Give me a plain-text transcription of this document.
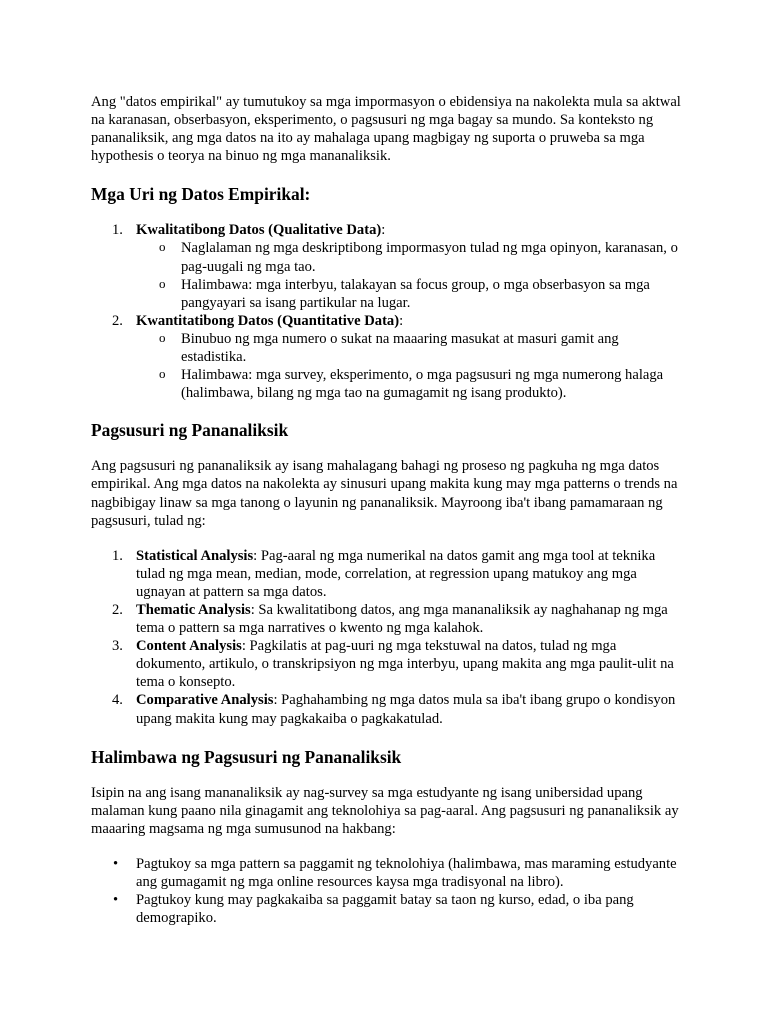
Ang "datos empirikal" ay tumutukoy sa mga impormasyon o ebidensiya na nakolekta mula sa aktwal na karanasan, obserbasyon, eksperimento, o pagsusuri ng mga bagay sa mundo. Sa konteksto ng pananaliksik, ang mga datos na ito ay mahalaga upang magbigay ng suporta o pruweba sa mga hypothesis o teorya na binuo ng mga mananaliksik.

Mga Uri ng Datos Empirikal:
1. Kwalitatibong Datos (Qualitative Data):
o Naglalaman ng mga deskriptibong impormasyon tulad ng mga opinyon, karanasan, o pag-uugali ng mga tao.
o Halimbawa: mga interbyu, talakayan sa focus group, o mga obserbasyon sa mga pangyayari sa isang partikular na lugar.
2. Kwantitatibong Datos (Quantitative Data):
o Binubuo ng mga numero o sukat na maaaring masukat at masuri gamit ang estadistika.
o Halimbawa: mga survey, eksperimento, o mga pagsusuri ng mga numerong halaga (halimbawa, bilang ng mga tao na gumagamit ng isang produkto).
Pagsusuri ng Pananaliksik

Ang pagsusuri ng pananaliksik ay isang mahalagang bahagi ng proseso ng pagkuha ng mga datos empirikal. Ang mga datos na nakolekta ay sinusuri upang makita kung may mga patterns o trends na nagbibigay linaw sa mga tanong o layunin ng pananaliksik. Mayroong iba't ibang pamamaraan ng pagsusuri, tulad ng:

1. Statistical Analysis: Pag-aaral ng mga numerikal na datos gamit ang mga tool at teknika tulad ng mga mean, median, mode, correlation, at regression upang matukoy ang mga ugnayan at pattern sa mga datos.
2. Thematic Analysis: Sa kwalitatibong datos, ang mga mananaliksik ay naghahanap ng mga tema o pattern sa mga narratives o kwento ng mga kalahok.
3. Content Analysis: Pagkilatis at pag-uuri ng mga tekstuwal na datos, tulad ng mga dokumento, artikulo, o transkripsiyon ng mga interbyu, upang makita ang mga paulit-ulit na tema o konsepto.
4. Comparative Analysis: Paghahambing ng mga datos mula sa iba't ibang grupo o kondisyon upang makita kung may pagkakaiba o pagkakatulad.
Halimbawa ng Pagsusuri ng Pananaliksik

Isipin na ang isang mananaliksik ay nag-survey sa mga estudyante ng isang unibersidad upang malaman kung paano nila ginagamit ang teknolohiya sa pag-aaral. Ang pagsusuri ng pananaliksik ay maaaring magsama ng mga sumusunod na hakbang:

• Pagtukoy sa mga pattern sa paggamit ng teknolohiya (halimbawa, mas maraming estudyante ang gumagamit ng mga online resources kaysa mga tradisyonal na libro).
• Pagtukoy kung may pagkakaiba sa paggamit batay sa taon ng kurso, edad, o iba pang demograpiko.
